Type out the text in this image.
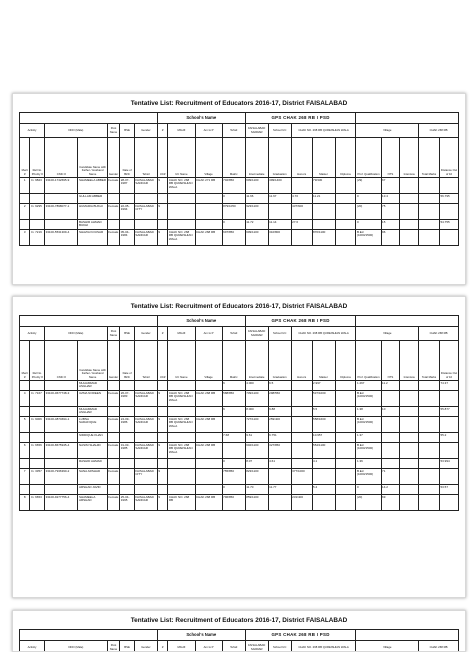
Tentative List: Recruitment of Educators 2016-17, District FAISALABAD
							School's Name				GPS CHAK 268 RB I PSD									
Activity		DDO (Male)		Post Name	BSE	Gender	#	MAUZ	Am ts P	Tehsil	FAISALABAD SADDAR	School UC	CHAK NO. 268 RB QUREISHIAN WALA			Village			CHAK 268 RB	
Merit #	Rel No. Priority #	CNIC #	Candidate Name with Father / Husband Name	Gender	Date of Birth	Tehsil	UC#	UC Name	Village	Matric	Intermediate	Graduation	Honors	Master	Diploma	Prof. Qualification	NTS	Interview	Total Marks	Distance Out of 10
1	In: 9823	33100-1742695-9	SHAMEELA ABBER	Female	28-07-1987	FAISALABAD SADDAR	9	CHAK NO. 268 RB QUREISHIAN WALA	CHAK 271 RB	702/850	609/1100	399/1400		79/330		(29)	67			
			GULLAM ABBER							0	11.66	11.67	4.70	11.21		0	13.4			56.795
2	In: 9295	33100-7898077-1	HUMAIRA BUKHI	Female	22-05-1994	FAISALABAD CITY	9			879/1050	923/1100		437/600			(20)	75			
			BASHIR AHMAD BUKHI							0	11.72	11.14	27.6			0	15			54.755
3	In: 7219	33100-5531309-4	SHAZIA KOUSAR	Female	05-04-1984	FAISALABAD SADDAR	9	CHAK NO. 268 RB QUREISHIAN WALA	CHAK 268 RB	697/850	609/1100	310/800		870/1100		B.Ed (1000/1500)	96			
Tentative List: Recruitment of Educators 2016-17, District FAISALABAD
							School's Name				GPS CHAK 268 RB I PSD									
Activity		DDO (Male)		Post Name	BSE	Gender	#	MAUZ	Am ts P	Tehsil	FAISALABAD SADDAR	School UC	CHAK NO. 268 RB QUREISHIAN WALA			Village			CHAK 268 RB	
Merit #	Rel No. Priority #	CNIC #	Candidate Name with Father / Husband Name	Gender	Date of Birth	Tehsil	UC#	UC Name	Village	Matric	Intermediate	Graduation	Honors	Master	Diploma	Prof. Qualification	NTS	Interview	Total Marks	Distance Out of 10
			MUHAMMAD ASGHAR							6	4.000	6.5		2.997		1.267	11.2			74.37
4	In: 7167	33100-0677748-3	UZMA NOREEN	Female	26-07-1983	FAISALABAD SADDAR	9	CHAK NO. 268 RB QUREISHIAN WALA	CHAK 268 RB	588/850	739/1100	298/550		537/1000		B.Ed (1000/1500)				
			MUHAMMAD ASGHAR							6	8.000	9.88		5.5		1.38	10			55.877
5	In: 9006	33100-4874694-1	LUBNA SADAFIQUE	Female	24-09-1986	FAISALABAD SADDAR	9	CHAK NO. 268 RB QUREISHIAN WALA	CHAK 268 RB		727/1100	259/400		558/1600		B.Ed (1000/1500)				
			SIDDIQUE KHAN							7.68	9.61	6.751		10.957		1.37				55.2
6	In: 6656	33100-8675945-4	NASIM SHAHID	Female	31-03-1985	FAISALABAD SADDAR	9	CHAK NO. 268 RB QUREISHIAN WALA	CHAK 268 RB		602/1100	327/850		554/1100		B.Ed (1000/1500)				
			RASHID AHMAD							0	8.07	4.61		4.1		1.36				53.994
7	In: 3357	33100-7936390-2	SANA ARSHAD	Female		FAISALABAD CITY	9			755/850	823/1100		377/1000			B.Ed (1000/1500)	71			
			ARSHAD JAVID							0	11.70	11.77		5.4		0	14.2			53.57
8	In: 6653	33100-9277756-4	SHAMEELA ARSHAD	Female	25-04-1995	FAISALABAD SADDAR	9	CHAK NO. 268 RB	CHAK 268 RB	796/850	859/1100		231/400			(20)	69			
Tentative List: Recruitment of Educators 2016-17, District FAISALABAD
					School's Name				GPS CHAK 268 RB I PSD				
Activity	DDO (Male)	Post Name	BSE	Gender	#	MAUZ	Am ts P	Tehsil	FAISALABAD SADDAR	School UC	CHAK NO. 268 RB QUREISHIAN WALA	Village	CHAK 268 RB
